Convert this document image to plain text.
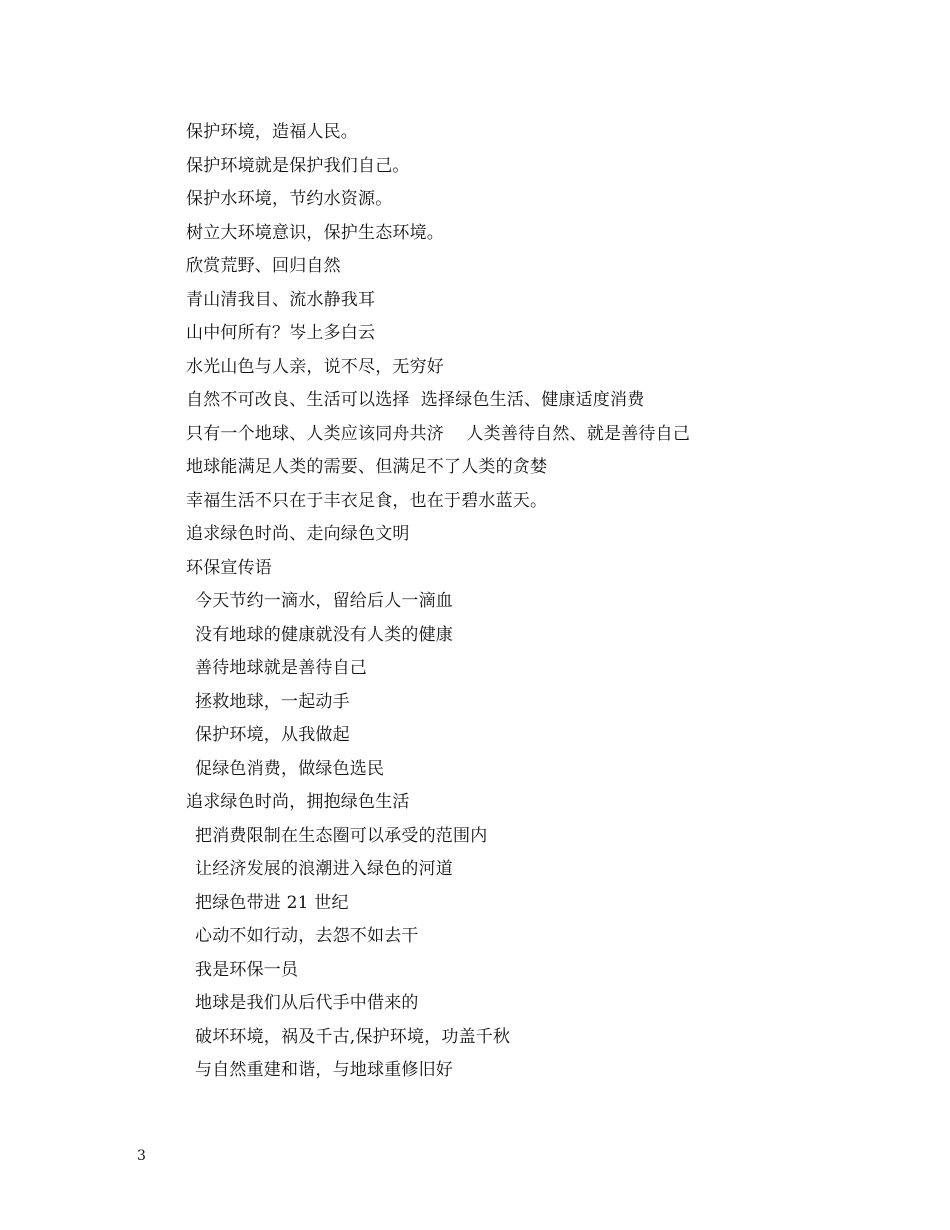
保护环境，造福人民。
保护环境就是保护我们自己。
保护水环境，节约水资源。
树立大环境意识，保护生态环境。
欣赏荒野、回归自然
青山清我目、流水静我耳
山中何所有？岑上多白云
水光山色与人亲，说不尽，无穷好
自然不可改良、生活可以选择  选择绿色生活、健康适度消费
只有一个地球、人类应该同舟共济    人类善待自然、就是善待自己
地球能满足人类的需要、但满足不了人类的贪婪
幸福生活不只在于丰衣足食，也在于碧水蓝天。
追求绿色时尚、走向绿色文明
环保宣传语
今天节约一滴水，留给后人一滴血
没有地球的健康就没有人类的健康
善待地球就是善待自己
拯救地球，一起动手
保护环境，从我做起
促绿色消费，做绿色选民
追求绿色时尚，拥抱绿色生活
把消费限制在生态圈可以承受的范围内
让经济发展的浪潮进入绿色的河道
把绿色带进 21 世纪
心动不如行动，去怨不如去干
我是环保一员
地球是我们从后代手中借来的
破坏环境，祸及千古,保护环境，功盖千秋
与自然重建和谐，与地球重修旧好
3
